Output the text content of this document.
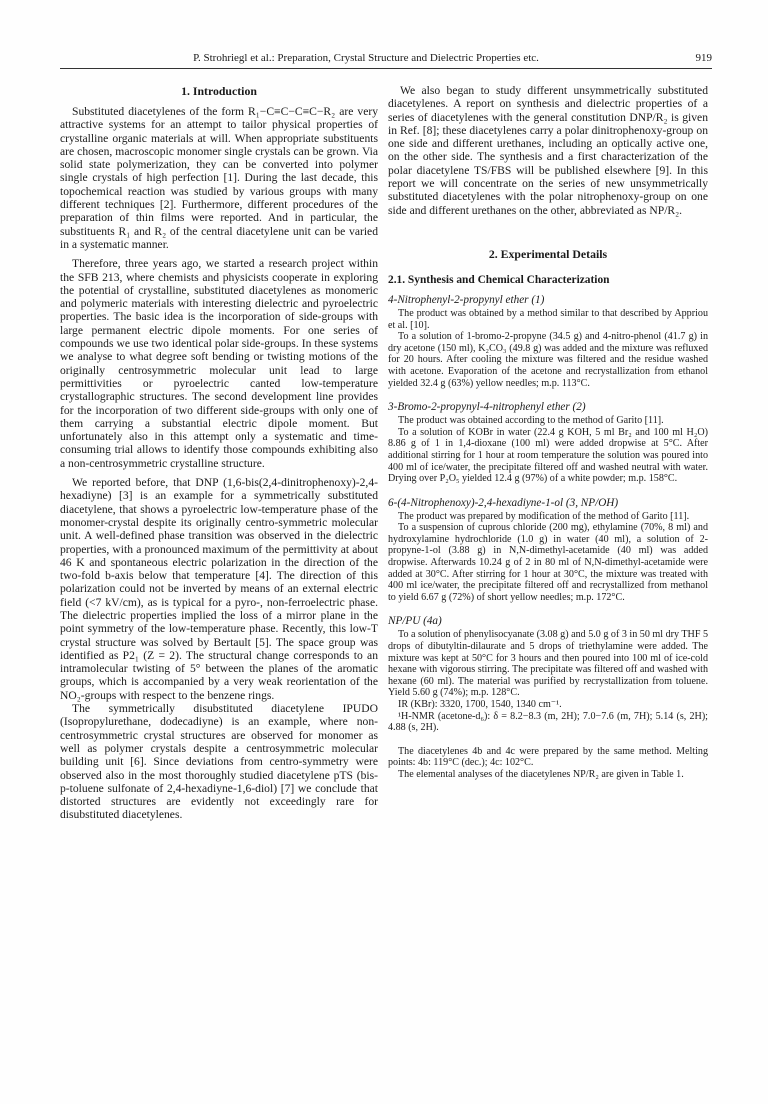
P. Strohriegl et al.: Preparation, Crystal Structure and Dielectric Properties etc.	919
1. Introduction

Substituted diacetylenes of the form R₁−C≡C−C≡C−R₂ are very attractive systems for an attempt to tailor physical properties of crystalline organic materials at will. When appropriate substituents are chosen, macroscopic monomer single crystals can be grown. Via solid state polymerization, they can be converted into polymer single crystals of high perfection [1]. During the last decade, this topochemical reaction was studied by various groups with many different techniques [2]. Furthermore, different procedures of the preparation of thin films were reported. And in particular, the substituents R₁ and R₂ of the central diacetylene unit can be varied in a systematic manner.

Therefore, three years ago, we started a research project within the SFB 213, where chemists and physicists cooperate in exploring the potential of crystalline, substituted diacetylenes as monomeric and polymeric materials with interesting dielectric and pyroelectric properties. The basic idea is the incorporation of side-groups with large permanent electric dipole moments. For one series of compounds we use two identical polar side-groups. In these systems we analyse to what degree soft bending or twisting motions of the originally centrosymmetric molecular unit lead to large permittivities or pyroelectric canted low-temperature crystallographic structures. The second development line provides for the incorporation of two different side-groups with only one of them carrying a substantial electric dipole moment. But unfortunately also in this attempt only a systematic and time-consuming trial allows to identify those compounds exhibiting also a non-centrosymmetric crystalline structure.

We reported before, that DNP (1,6-bis(2,4-dinitrophenoxy)-2,4-hexadiyne) [3] is an example for a symmetrically substituted diacetylene, that shows a pyroelectric low-temperature phase of the monomer-crystal despite its originally centro-symmetric molecular unit. A well-defined phase transition was observed in the dielectric properties, with a pronounced maximum of the permittivity at about 46 K and spontaneous electric polarization in the direction of the two-fold b-axis below that temperature [4]. The direction of this polarization could not be inverted by means of an external electric field (<7 kV/cm), as is typical for a pyro-, non-ferroelectric phase. The dielectric properties implied the loss of a mirror plane in the point symmetry of the low-temperature phase. Recently, this low-T crystal structure was solved by Bertault [5]. The space group was identified as P2₁ (Z = 2). The structural change corresponds to an intramolecular twisting of 5° between the planes of the aromatic groups, which is accompanied by a very weak reorientation of the NO₂-groups with respect to the benzene rings.

The symmetrically disubstituted diacetylene IPUDO (Isopropylurethane, dodecadiyne) is an example, where non-centrosymmetric crystal structures are observed for monomer as well as polymer crystals despite a centrosymmetric molecular building unit [6]. Since deviations from centro-symmetry were observed also in the most thoroughly studied diacetylene pTS (bis-p-toluene sulfonate of 2,4-hexadiyne-1,6-diol) [7] we conclude that distorted structures are evidently not exceedingly rare for disubstituted diacetylenes.

We also began to study different unsymmetrically substituted diacetylenes. A report on synthesis and dielectric properties of a series of diacetylenes with the general constitution DNP/R₂ is given in Ref. [8]; these diacetylenes carry a polar dinitrophenoxy-group on one side and different urethanes, including an optically active one, on the other side. The synthesis and a first characterization of the polar diacetylene TS/FBS will be published elsewhere [9]. In this report we will concentrate on the series of new unsymmetrically substituted diacetylenes with the polar nitrophenoxy-group on one side and different urethanes on the other, abbreviated as NP/R₂.

2. Experimental Details
2.1. Synthesis and Chemical Characterization
4-Nitrophenyl-2-propynyl ether (1)

The product was obtained by a method similar to that described by Appriou et al. [10].

To a solution of 1-bromo-2-propyne (34.5 g) and 4-nitro-phenol (41.7 g) in dry acetone (150 ml), K₂CO₃ (49.8 g) was added and the mixture was refluxed for 20 hours. After cooling the mixture was filtered and the residue washed with acetone. Evaporation of the acetone and recrystallization from ethanol yielded 32.4 g (63%) yellow needles; m.p. 113°C.

3-Bromo-2-propynyl-4-nitrophenyl ether (2)

The product was obtained according to the method of Garito [11].

To a solution of KOBr in water (22.4 g KOH, 5 ml Br₂ and 100 ml H₂O) 8.86 g of 1 in 1,4-dioxane (100 ml) were added dropwise at 5°C. After additional stirring for 1 hour at room temperature the solution was poured into 400 ml of ice/water, the precipitate filtered off and washed neutral with water. Drying over P₂O₅ yielded 12.4 g (97%) of a white powder; m.p. 158°C.

6-(4-Nitrophenoxy)-2,4-hexadiyne-1-ol (3, NP/OH)

The product was prepared by modification of the method of Garito [11].

To a suspension of cuprous chloride (200 mg), ethylamine (70%, 8 ml) and hydroxylamine hydrochloride (1.0 g) in water (40 ml), a solution of 2-propyne-1-ol (3.88 g) in N,N-dimethyl-acetamide (40 ml) was added dropwise. Afterwards 10.24 g of 2 in 80 ml of N,N-dimethyl-acetamide were added at 30°C. After stirring for 1 hour at 30°C, the mixture was treated with 400 ml ice/water, the precipitate filtered off and recrystallized from methanol to yield 6.67 g (72%) of short yellow needles; m.p. 172°C.

NP/PU (4a)

To a solution of phenylisocyanate (3.08 g) and 5.0 g of 3 in 50 ml dry THF 5 drops of dibutyltin-dilaurate and 5 drops of triethylamine were added. The mixture was kept at 50°C for 3 hours and then poured into 100 ml of ice-cold hexane with vigorous stirring. The precipitate was filtered off and washed with hexane (60 ml). The material was purified by recrystallization from toluene. Yield 5.60 g (74%); m.p. 128°C.

IR (KBr): 3320, 1700, 1540, 1340 cm⁻¹.

¹H-NMR (acetone-d₆): δ = 8.2−8.3 (m, 2H); 7.0−7.6 (m, 7H); 5.14 (s, 2H); 4.88 (s, 2H).

The diacetylenes 4b and 4c were prepared by the same method. Melting points: 4b: 119°C (dec.); 4c: 102°C.

The elemental analyses of the diacetylenes NP/R₂ are given in Table 1.
